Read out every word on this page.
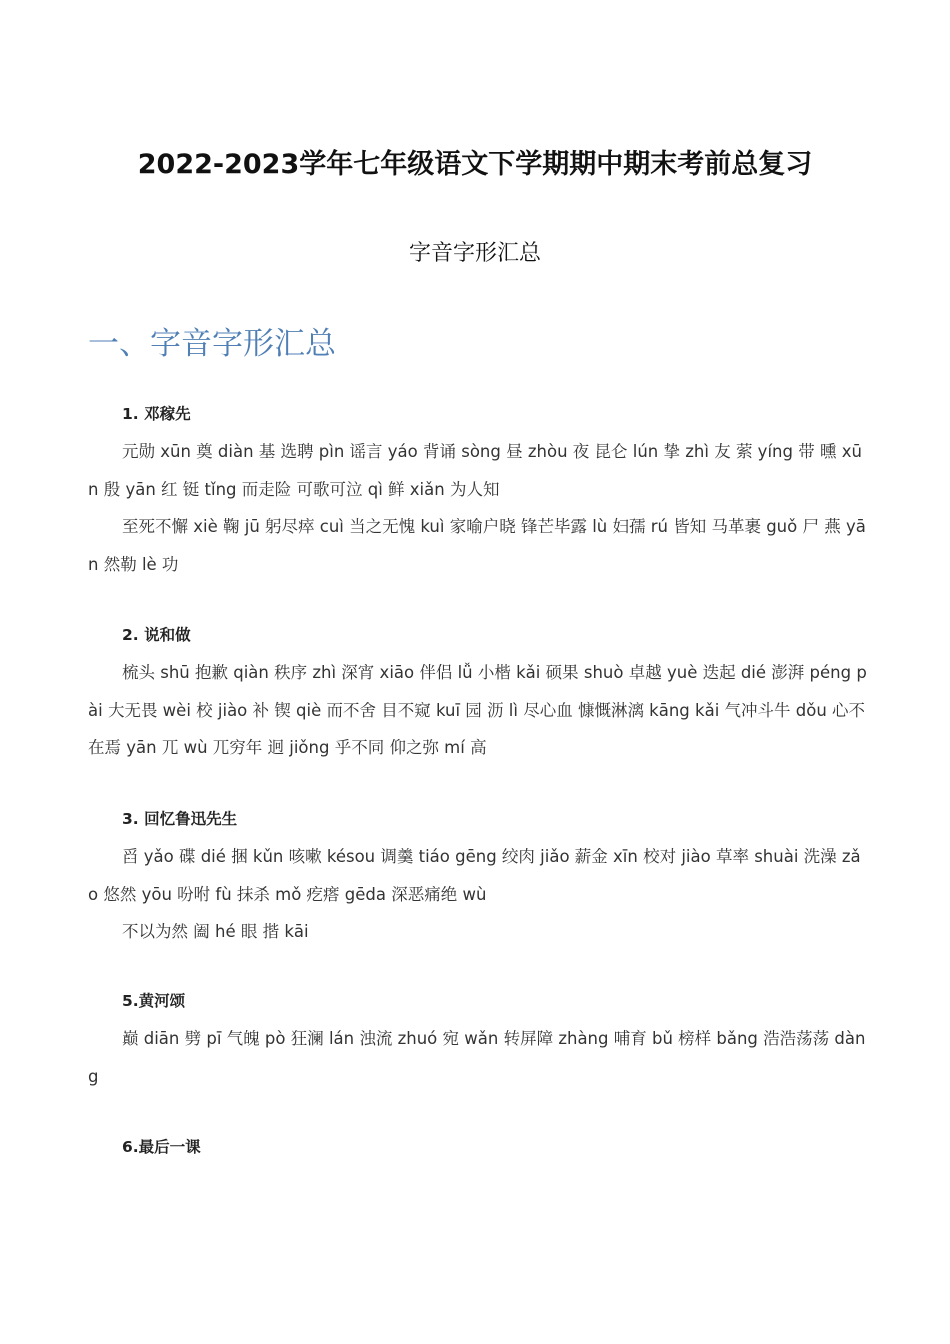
2022-2023学年七年级语文下学期期中期末考前总复习
字音字形汇总
一、字音字形汇总

1. 邓稼先

元勋 xūn 奠 diàn 基 选聘 pìn 谣言 yáo 背诵 sòng 昼 zhòu 夜 昆仑 lún 挚 zhì 友 萦 yíng 带 曛 xūn 殷 yān 红 铤 tǐng 而走险 可歌可泣 qì 鲜 xiǎn 为人知

至死不懈 xiè 鞠 jū 躬尽瘁 cuì 当之无愧 kuì 家喻户晓 锋芒毕露 lù 妇孺 rú 皆知 马革裹 guǒ 尸 燕 yān 然勒 lè 功

2. 说和做

梳头 shū 抱歉 qiàn 秩序 zhì 深宵 xiāo 伴侣 lǚ 小楷 kǎi 硕果 shuò 卓越 yuè 迭起 dié 澎湃 péng pài 大无畏 wèi 校 jiào 补 锲 qiè 而不舍 目不窥 kuī 园 沥 lì 尽心血 慷慨淋漓 kāng kǎi 气冲斗牛 dǒu 心不在焉 yān 兀 wù 兀穷年 迥 jiǒng 乎不同 仰之弥 mí 高

3. 回忆鲁迅先生

舀 yǎo 碟 dié 捆 kǔn 咳嗽 késou 调羹 tiáo gēng 绞肉 jiǎo 薪金 xīn 校对 jiào 草率 shuài 洗澡 zǎo 悠然 yōu 吩咐 fù 抹杀 mǒ 疙瘩 gēda 深恶痛绝 wù

不以为然 阖 hé 眼 揩 kāi

5.黄河颂

巅 diān 劈 pī 气魄 pò 狂澜 lán 浊流 zhuó 宛 wǎn 转屏障 zhàng 哺育 bǔ 榜样 bǎng 浩浩荡荡 dàng

6.最后一课
